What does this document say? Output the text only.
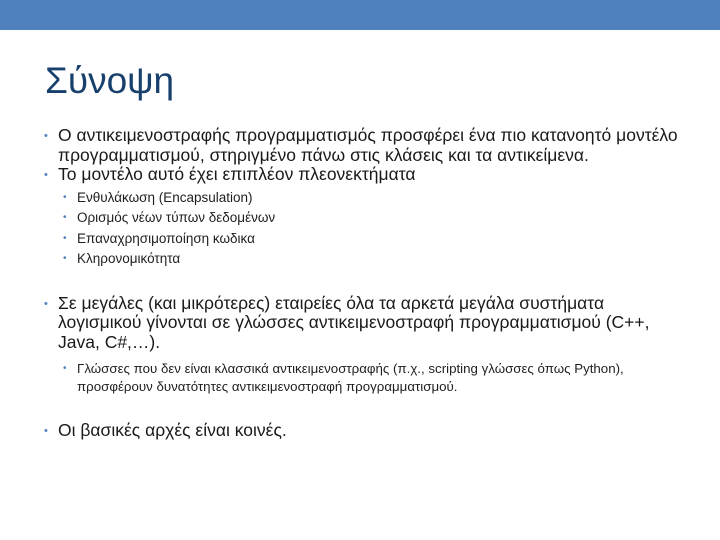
Σύνοψη
• Ο αντικειμενοστραφής προγραμματισμός προσφέρει ένα πιο κατανοητό μοντέλο προγραμματισμού, στηριγμένο πάνω στις κλάσεις και τα αντικείμενα.
• Το μοντέλο αυτό έχει επιπλέον πλεονεκτήματα
• Ενθυλάκωση (Encapsulation)
• Ορισμός νέων τύπων δεδομένων
• Επαναχρησιμοποίηση κωδικα
• Κληρονομικότητα
• Σε μεγάλες (και μικρότερες) εταιρείες όλα τα αρκετά μεγάλα συστήματα λογισμικού γίνονται σε γλώσσες αντικειμενοστραφή προγραμματισμού (C++, Java, C#,…).
• Γλώσσες που δεν είναι κλασσικά αντικειμενοστραφής (π.χ., scripting γλώσσες όπως Python), προσφέρουν δυνατότητες αντικειμενοστραφή προγραμματισμού.
• Οι βασικές αρχές είναι κοινές.
